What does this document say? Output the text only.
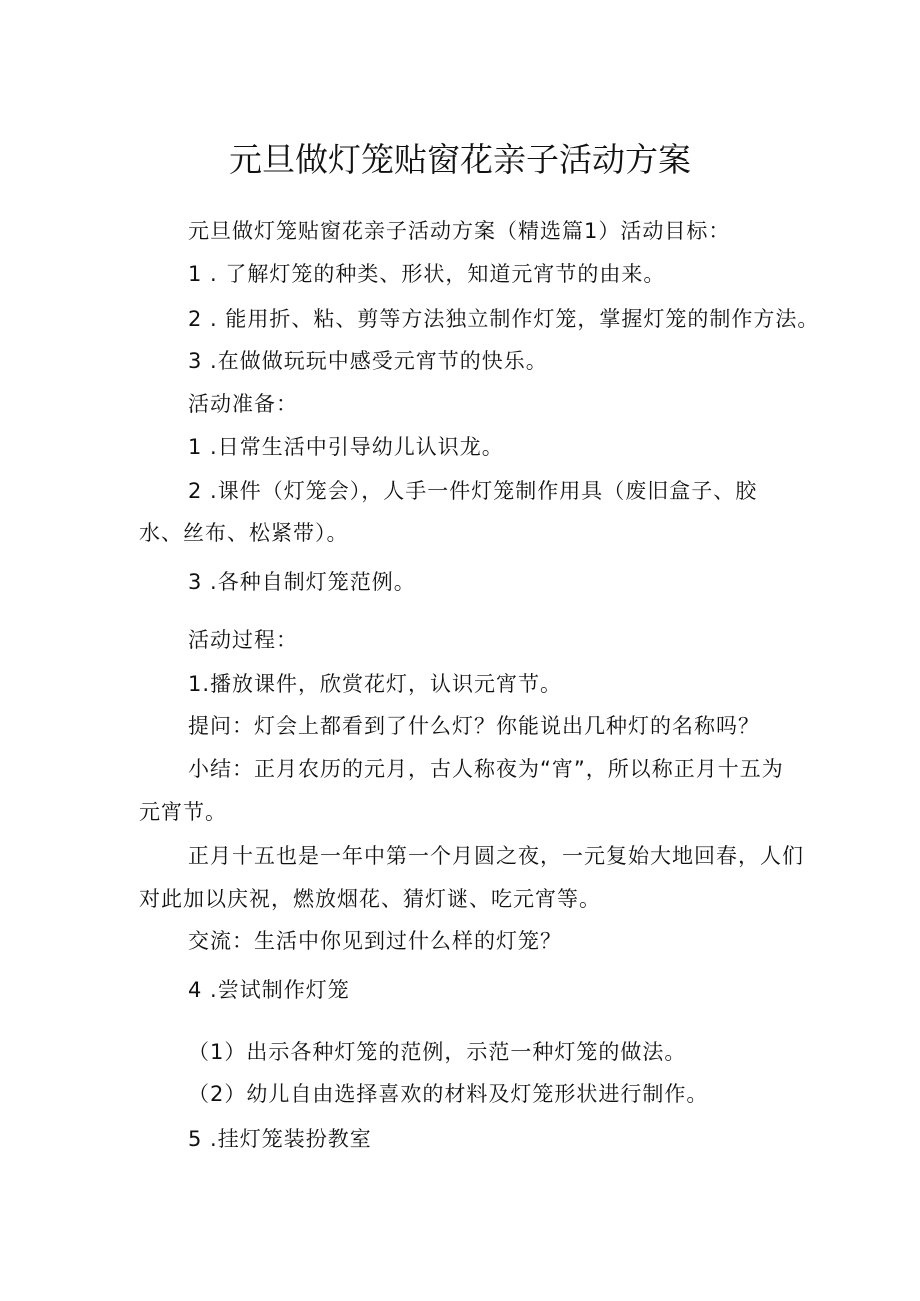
元旦做灯笼贴窗花亲子活动方案
元旦做灯笼贴窗花亲子活动方案（精选篇1）活动目标：
1 . 了解灯笼的种类、形状，知道元宵节的由来。
2 . 能用折、粘、剪等方法独立制作灯笼，掌握灯笼的制作方法。
3 .在做做玩玩中感受元宵节的快乐。
活动准备：
1 .日常生活中引导幼儿认识龙。
2 .课件（灯笼会），人手一件灯笼制作用具（废旧盒子、胶
水、丝布、松紧带）。
3 .各种自制灯笼范例。
活动过程：
1.播放课件，欣赏花灯，认识元宵节。
提问：灯会上都看到了什么灯？你能说出几种灯的名称吗？
小结：正月农历的元月，古人称夜为“宵”，所以称正月十五为
元宵节。
正月十五也是一年中第一个月圆之夜，一元复始大地回春，人们
对此加以庆祝，燃放烟花、猜灯谜、吃元宵等。
交流：生活中你见到过什么样的灯笼？
4 .尝试制作灯笼
（1）出示各种灯笼的范例，示范一种灯笼的做法。
（2）幼儿自由选择喜欢的材料及灯笼形状进行制作。
5 .挂灯笼装扮教室
